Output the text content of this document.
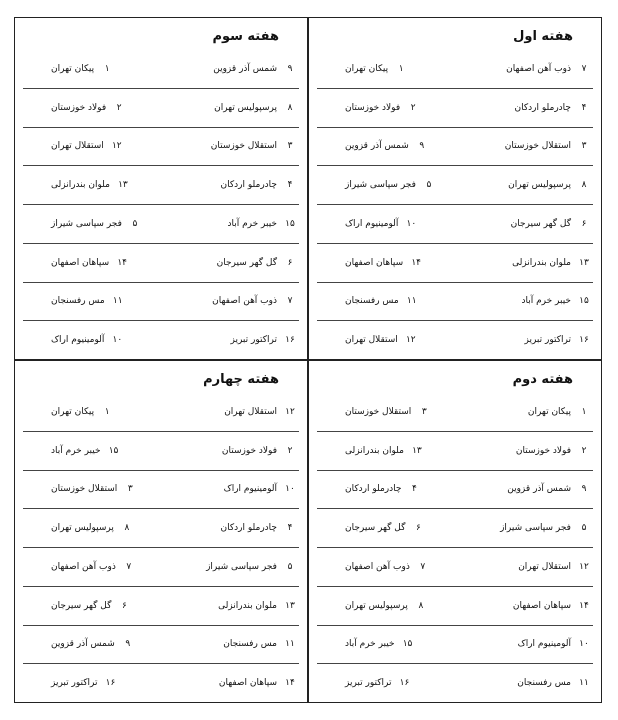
هفته اول
۷
ذوب آهن اصفهان
۱
پیکان تهران
۴
چادرملو اردکان
۲
فولاد خوزستان
۳
استقلال خوزستان
۹
شمس آذر قزوین
۸
پرسپولیس تهران
۵
فجر سپاسی شیراز
۶
گل گهر سیرجان
۱۰
آلومینیوم اراک
۱۳
ملوان بندرانزلی
۱۴
سپاهان اصفهان
۱۵
خیبر خرم آباد
۱۱
مس رفسنجان
۱۶
تراکتور تبریز
۱۲
استقلال تهران
هفته سوم
۹
شمس آذر قزوین
۱
پیکان تهران
۸
پرسپولیس تهران
۲
فولاد خوزستان
۳
استقلال خوزستان
۱۲
استقلال تهران
۴
چادرملو اردکان
۱۳
ملوان بندرانزلی
۱۵
خیبر خرم آباد
۵
فجر سپاسی شیراز
۶
گل گهر سیرجان
۱۴
سپاهان اصفهان
۷
ذوب آهن اصفهان
۱۱
مس رفسنجان
۱۶
تراکتور تبریز
۱۰
آلومینیوم اراک
هفته دوم
۱
پیکان تهران
۳
استقلال خوزستان
۲
فولاد خوزستان
۱۳
ملوان بندرانزلی
۹
شمس آذر قزوین
۴
چادرملو اردکان
۵
فجر سپاسی شیراز
۶
گل گهر سیرجان
۱۲
استقلال تهران
۷
ذوب آهن اصفهان
۱۴
سپاهان اصفهان
۸
پرسپولیس تهران
۱۰
آلومینیوم اراک
۱۵
خیبر خرم آباد
۱۱
مس رفسنجان
۱۶
تراکتور تبریز
هفته چهارم
۱۲
استقلال تهران
۱
پیکان تهران
۲
فولاد خوزستان
۱۵
خیبر خرم آباد
۱۰
آلومینیوم اراک
۳
استقلال خوزستان
۴
چادرملو اردکان
۸
پرسپولیس تهران
۵
فجر سپاسی شیراز
۷
ذوب آهن اصفهان
۱۳
ملوان بندرانزلی
۶
گل گهر سیرجان
۱۱
مس رفسنجان
۹
شمس آذر قزوین
۱۴
سپاهان اصفهان
۱۶
تراکتور تبریز
